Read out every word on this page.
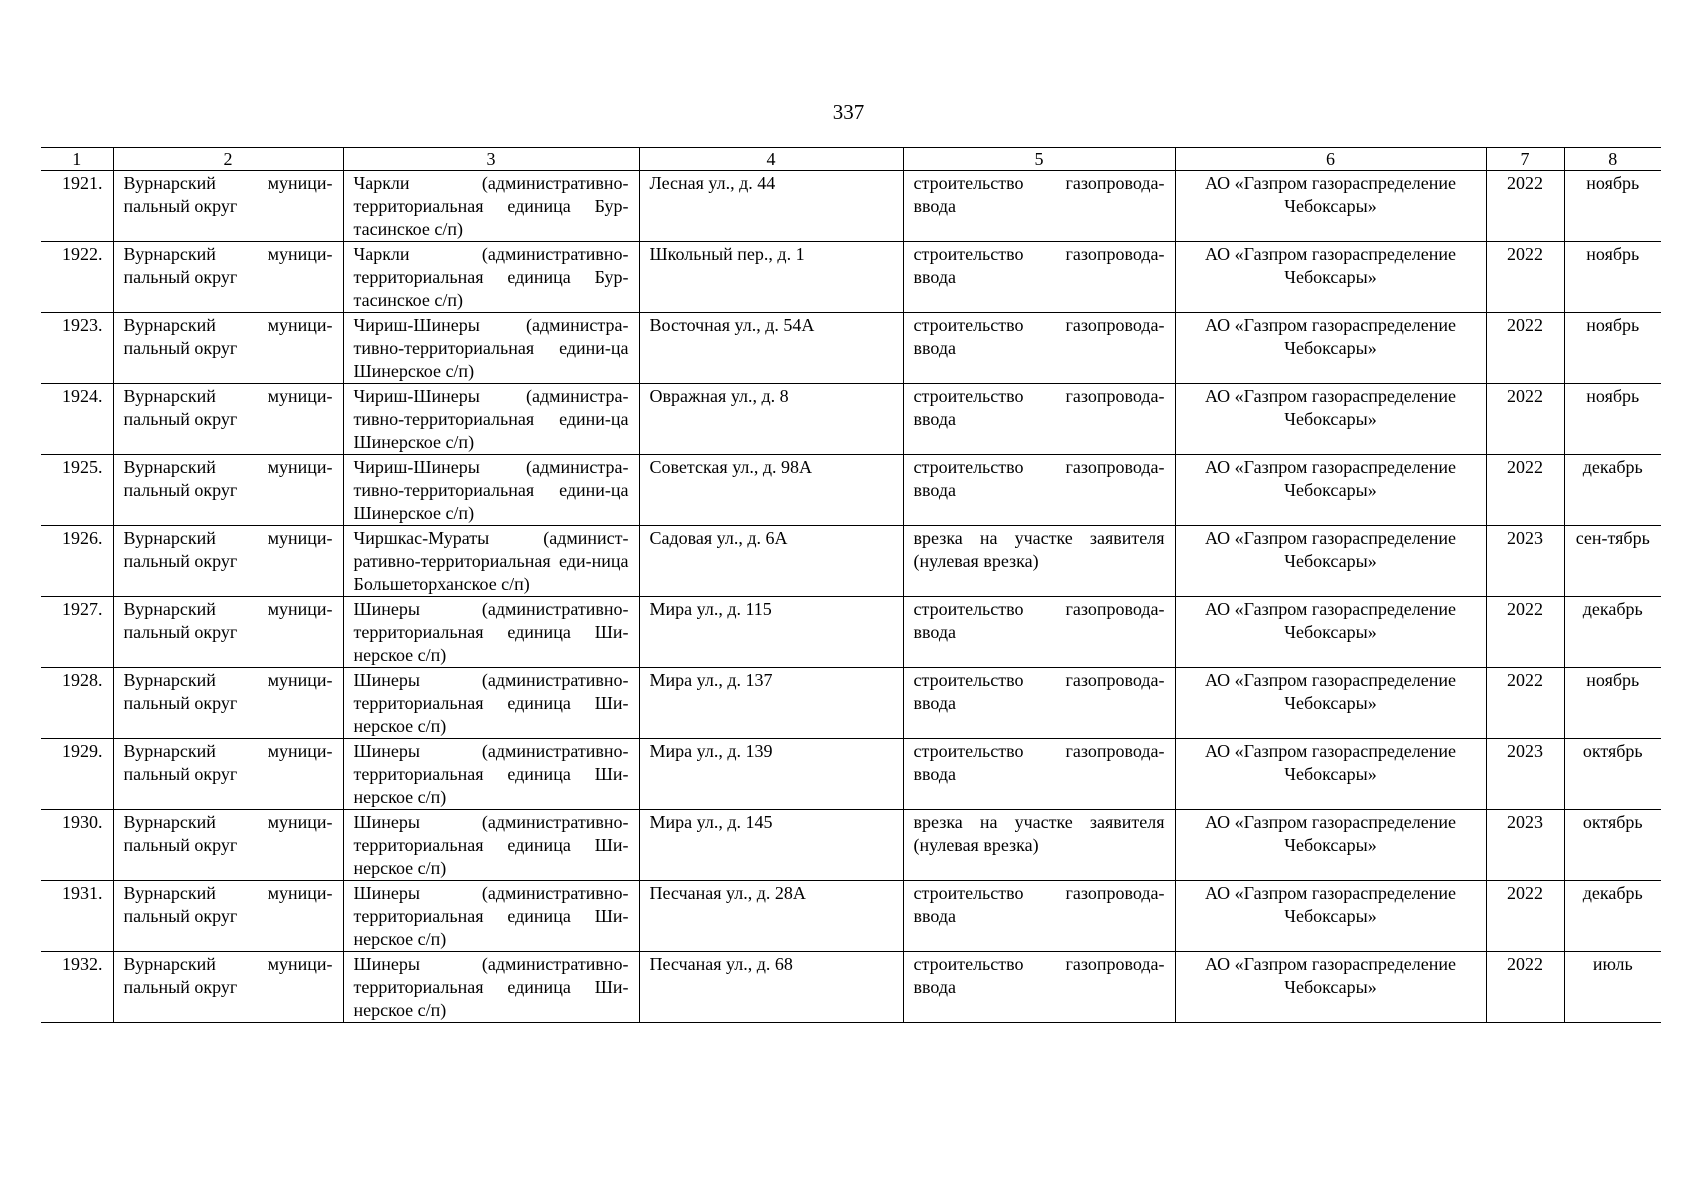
337
1	2	3	4	5	6	7	8
1921.	Вурнарский муници-пальный округ	Чаркли (административно-территориальная единица Бур-тасинское с/п)	Лесная ул., д. 44	строительство газопровода-ввода	АО «Газпром газораспределение Чебоксары»	2022	ноябрь
1922.	Вурнарский муници-пальный округ	Чаркли (административно-территориальная единица Бур-тасинское с/п)	Школьный пер., д. 1	строительство газопровода-ввода	АО «Газпром газораспределение Чебоксары»	2022	ноябрь
1923.	Вурнарский муници-пальный округ	Чириш-Шинеры (администра-тивно-территориальная едини-ца Шинерское с/п)	Восточная ул., д. 54А	строительство газопровода-ввода	АО «Газпром газораспределение Чебоксары»	2022	ноябрь
1924.	Вурнарский муници-пальный округ	Чириш-Шинеры (администра-тивно-территориальная едини-ца Шинерское с/п)	Овражная ул., д. 8	строительство газопровода-ввода	АО «Газпром газораспределение Чебоксары»	2022	ноябрь
1925.	Вурнарский муници-пальный округ	Чириш-Шинеры (администра-тивно-территориальная едини-ца Шинерское с/п)	Советская ул., д. 98А	строительство газопровода-ввода	АО «Газпром газораспределение Чебоксары»	2022	декабрь
1926.	Вурнарский муници-пальный округ	Чиршкас-Мураты (админист-ративно-территориальная еди-ница Большеторханское с/п)	Садовая ул., д. 6А	врезка на участке заявителя (нулевая врезка)	АО «Газпром газораспределение Чебоксары»	2023	сен-тябрь
1927.	Вурнарский муници-пальный округ	Шинеры (административно-территориальная единица Ши-нерское с/п)	Мира ул., д. 115	строительство газопровода-ввода	АО «Газпром газораспределение Чебоксары»	2022	декабрь
1928.	Вурнарский муници-пальный округ	Шинеры (административно-территориальная единица Ши-нерское с/п)	Мира ул., д. 137	строительство газопровода-ввода	АО «Газпром газораспределение Чебоксары»	2022	ноябрь
1929.	Вурнарский муници-пальный округ	Шинеры (административно-территориальная единица Ши-нерское с/п)	Мира ул., д. 139	строительство газопровода-ввода	АО «Газпром газораспределение Чебоксары»	2023	октябрь
1930.	Вурнарский муници-пальный округ	Шинеры (административно-территориальная единица Ши-нерское с/п)	Мира ул., д. 145	врезка на участке заявителя (нулевая врезка)	АО «Газпром газораспределение Чебоксары»	2023	октябрь
1931.	Вурнарский муници-пальный округ	Шинеры (административно-территориальная единица Ши-нерское с/п)	Песчаная ул., д. 28А	строительство газопровода-ввода	АО «Газпром газораспределение Чебоксары»	2022	декабрь
1932.	Вурнарский муници-пальный округ	Шинеры (административно-территориальная единица Ши-нерское с/п)	Песчаная ул., д. 68	строительство газопровода-ввода	АО «Газпром газораспределение Чебоксары»	2022	июль
